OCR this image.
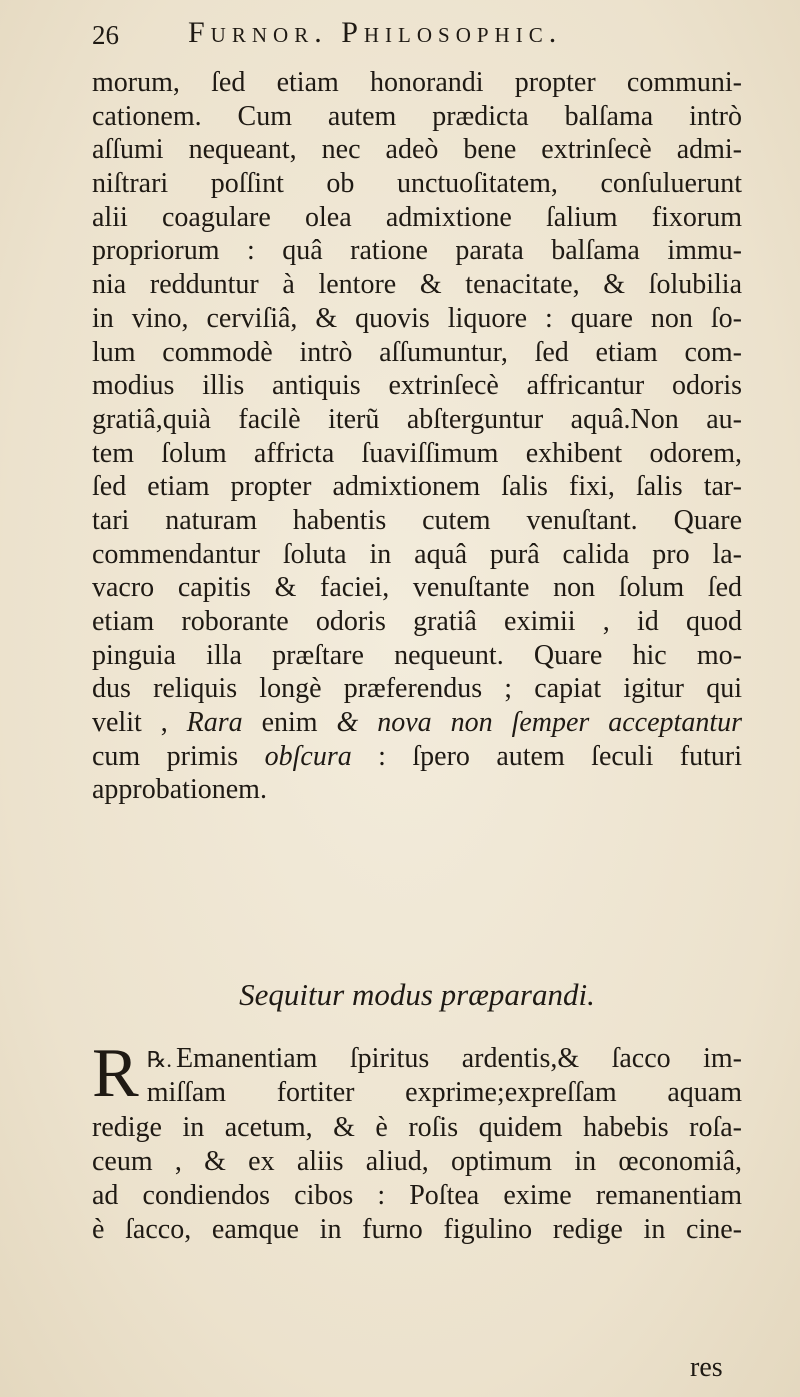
26 Furnor. Philosophic.
morum, ſed etiam honorandi propter communi-
cationem. Cum autem prædicta balſama intrò
aſſumi nequeant, nec adeò bene extrinſecè admi-
niſtrari poſſint ob unctuoſitatem, conſuluerunt
alii coagulare olea admixtione ſalium fixorum
propriorum : quâ ratione parata balſama immu-
nia redduntur à lentore & tenacitate, & ſolubilia
in vino, cerviſiâ, & quovis liquore : quare non ſo-
lum commodè intrò aſſumuntur, ſed etiam com-
modius illis antiquis extrinſecè affricantur odoris
gratiâ,quià facilè iterũ abſterguntur aquâ.Non au-
tem ſolum affricta ſuaviſſimum exhibent odorem,
ſed etiam propter admixtionem ſalis fixi, ſalis tar-
tari naturam habentis cutem venuſtant. Quare
commendantur ſoluta in aquâ purâ calida pro la-
vacro capitis & faciei, venuſtante non ſolum ſed
etiam roborante odoris gratiâ eximii , id quod
pinguia illa præſtare nequeunt. Quare hic mo-
dus reliquis longè præferendus ; capiat igitur qui
velit , Rara enim & nova non ſemper acceptantur
cum primis obſcura : ſpero autem ſeculi futuri
approbationem.
Sequitur modus præparandi.
℞.
R Emanentiam ſpiritus ardentis,& ſacco im-
miſſam fortiter exprime;expreſſam aquam
redige in acetum, & è roſis quidem habebis roſa-
ceum , & ex aliis aliud, optimum in œconomiâ,
ad condiendos cibos : Poſtea exime remanentiam
è ſacco, eamque in furno figulino redige in cine-
res
